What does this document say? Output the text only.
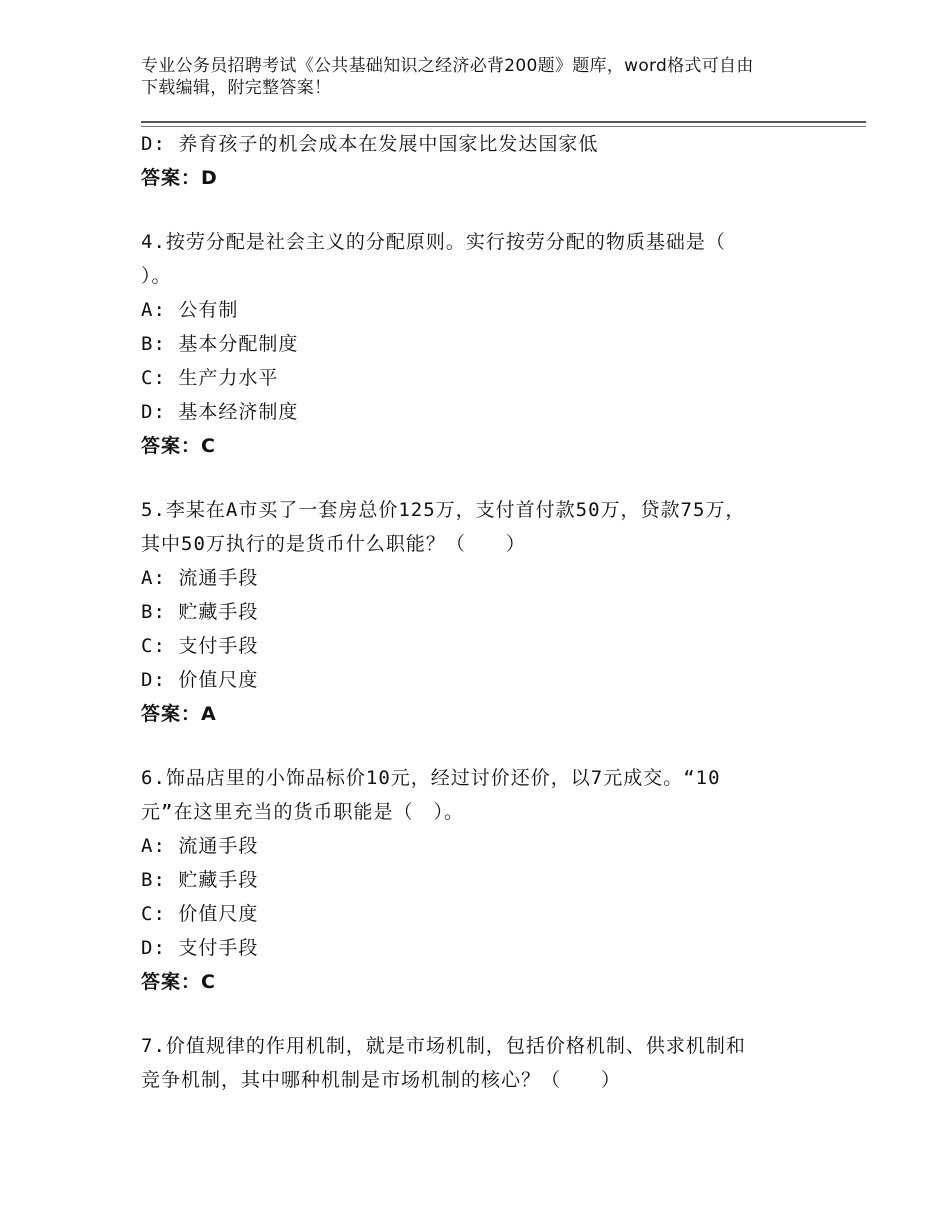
专业公务员招聘考试《公共基础知识之经济必背200题》题库，word格式可自由
下载编辑，附完整答案！
D: 养育孩子的机会成本在发展中国家比发达国家低
答案：D
4.按劳分配是社会主义的分配原则。实行按劳分配的物质基础是（
）。
A: 公有制
B: 基本分配制度
C: 生产力水平
D: 基本经济制度
答案：C
5.李某在A市买了一套房总价125万，支付首付款50万，贷款75万，
其中50万执行的是货币什么职能？（　　）
A: 流通手段
B: 贮藏手段
C: 支付手段
D: 价值尺度
答案：A
6.饰品店里的小饰品标价10元，经过讨价还价，以7元成交。“10
元”在这里充当的货币职能是（　）。
A: 流通手段
B: 贮藏手段
C: 价值尺度
D: 支付手段
答案：C
7.价值规律的作用机制，就是市场机制，包括价格机制、供求机制和
竞争机制，其中哪种机制是市场机制的核心？（　　）
